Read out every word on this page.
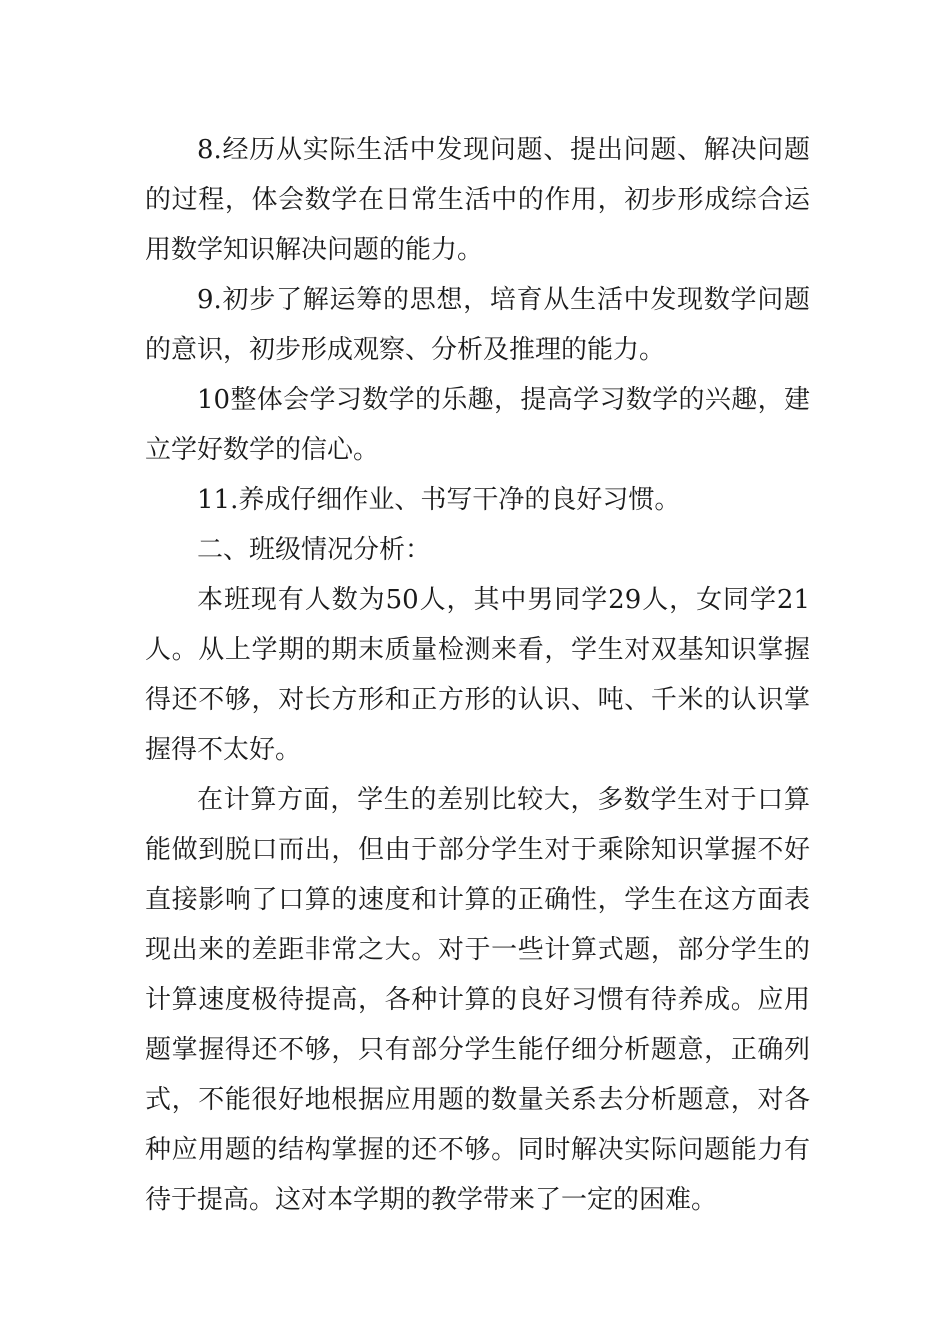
8.经历从实际生活中发现问题、提出问题、解决问题
的过程，体会数学在日常生活中的作用，初步形成综合运
用数学知识解决问题的能力。
9.初步了解运筹的思想，培育从生活中发现数学问题
的意识，初步形成观察、分析及推理的能力。
10整体会学习数学的乐趣，提高学习数学的兴趣，建
立学好数学的信心。
11.养成仔细作业、书写干净的良好习惯。
二、班级情况分析：
本班现有人数为50人，其中男同学29人，女同学21
人。从上学期的期末质量检测来看，学生对双基知识掌握
得还不够，对长方形和正方形的认识、吨、千米的认识掌
握得不太好。
在计算方面，学生的差别比较大，多数学生对于口算
能做到脱口而出，但由于部分学生对于乘除知识掌握不好
直接影响了口算的速度和计算的正确性，学生在这方面表
现出来的差距非常之大。对于一些计算式题，部分学生的
计算速度极待提高，各种计算的良好习惯有待养成。应用
题掌握得还不够，只有部分学生能仔细分析题意，正确列
式，不能很好地根据应用题的数量关系去分析题意，对各
种应用题的结构掌握的还不够。同时解决实际问题能力有
待于提高。这对本学期的教学带来了一定的困难。
